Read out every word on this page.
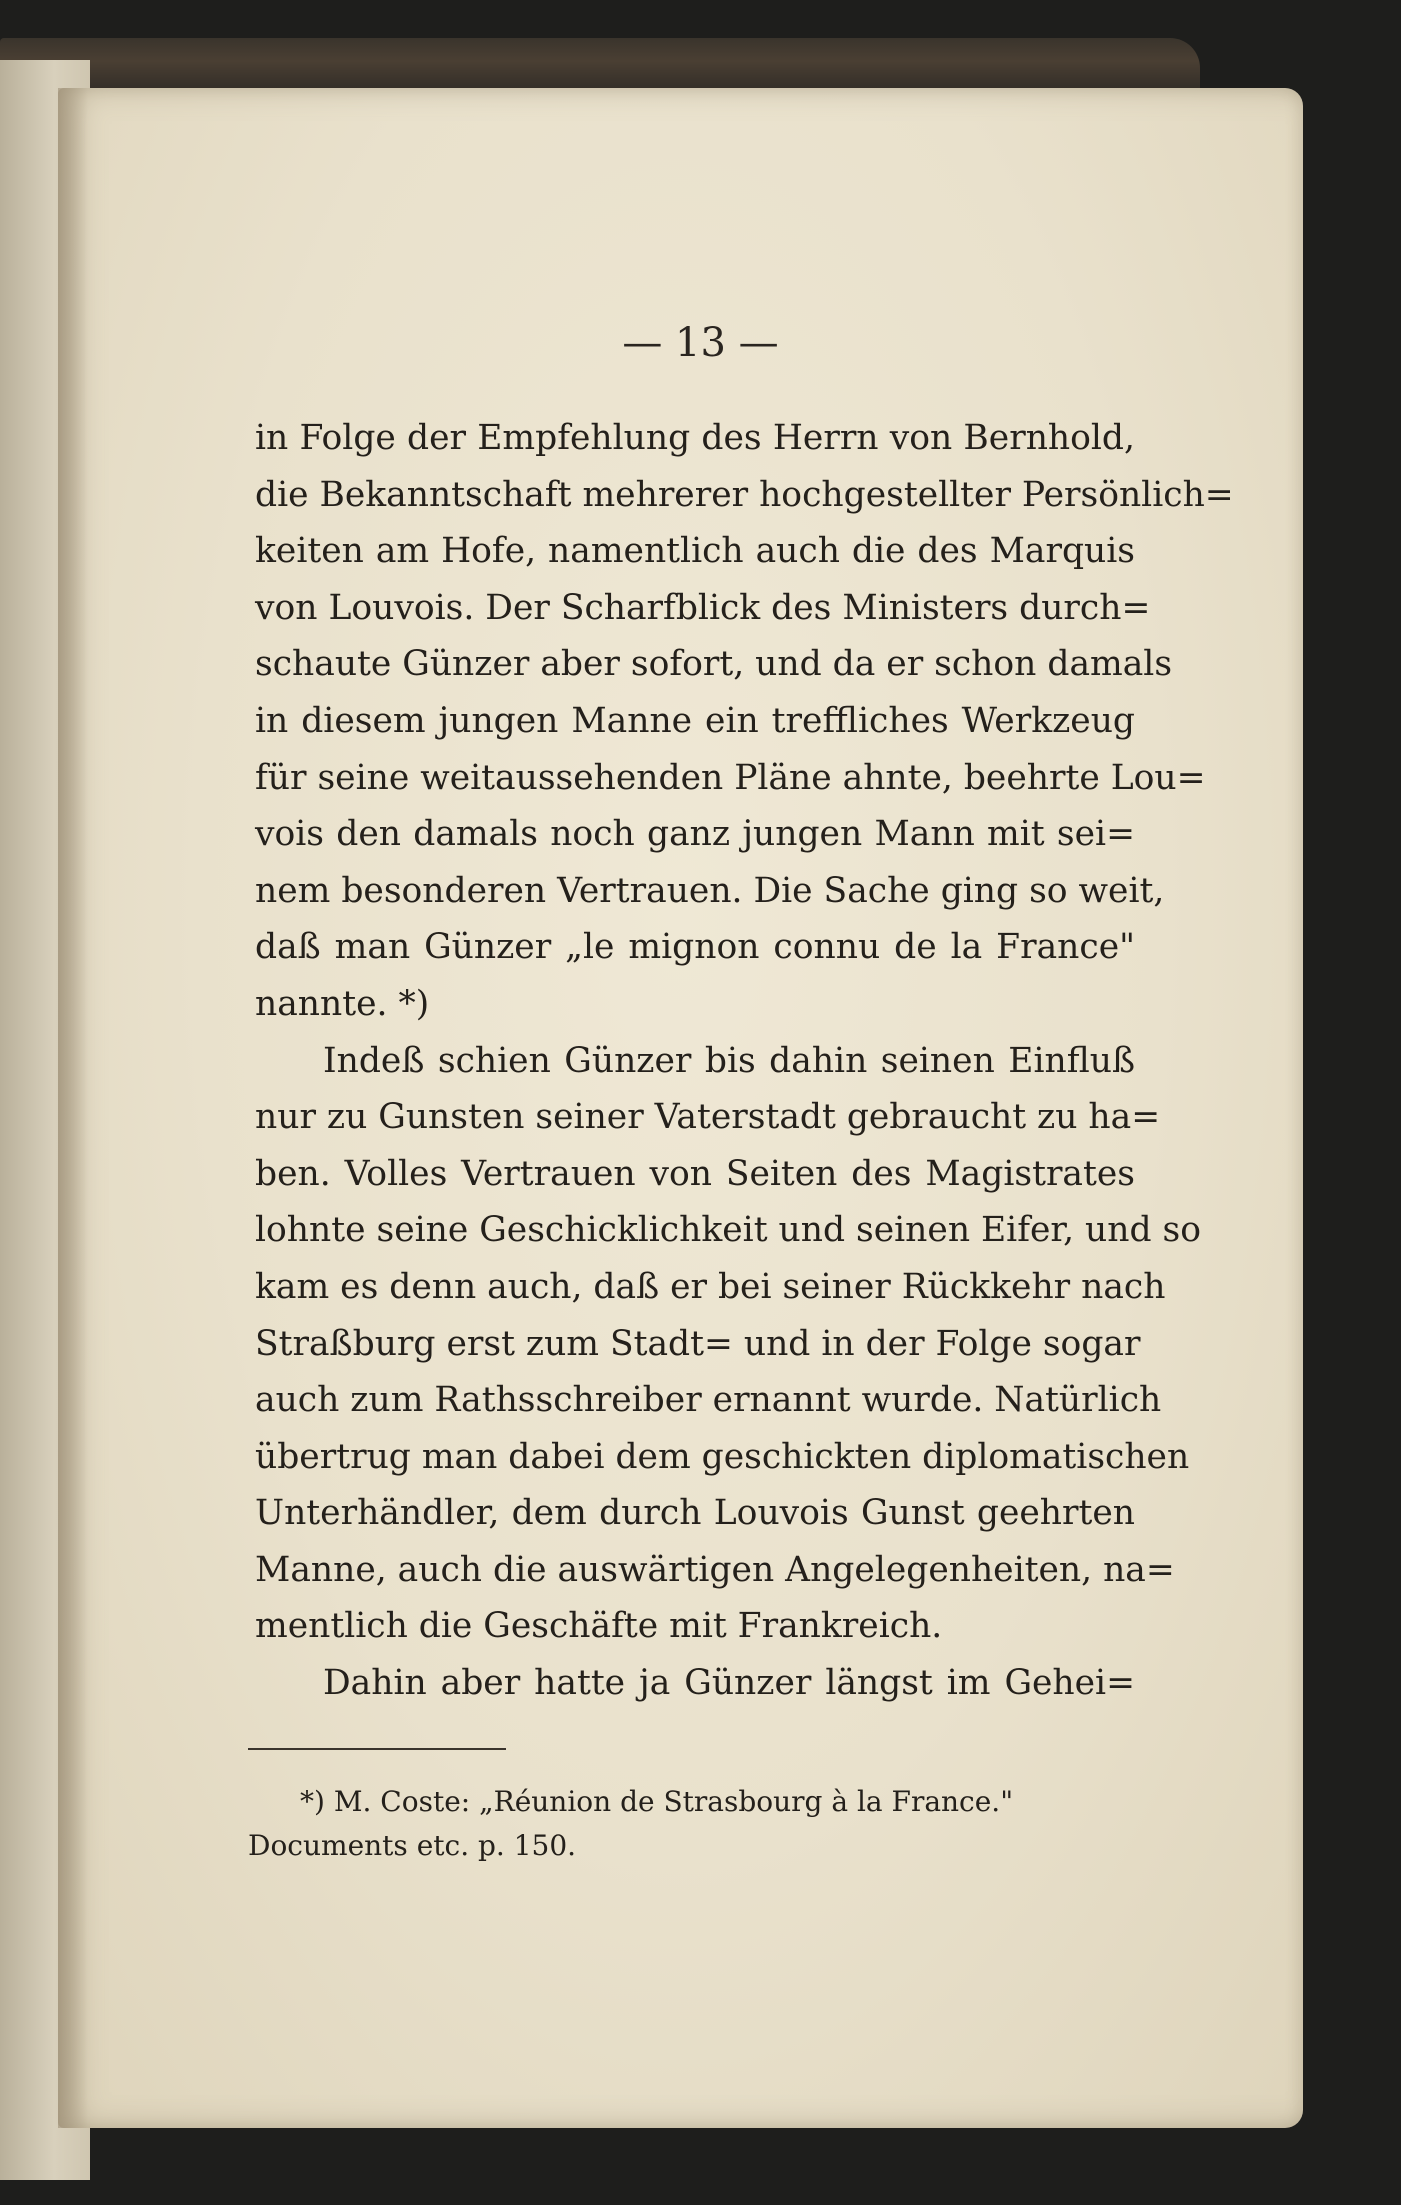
— 13 —
in Folge der Empfehlung des Herrn von Bernhold,
die Bekanntschaft mehrerer hochgestellter Persönlich=
keiten am Hofe, namentlich auch die des Marquis
von Louvois. Der Scharfblick des Ministers durch=
schaute Günzer aber sofort, und da er schon damals
in diesem jungen Manne ein treffliches Werkzeug
für seine weitaussehenden Pläne ahnte, beehrte Lou=
vois den damals noch ganz jungen Mann mit sei=
nem besonderen Vertrauen. Die Sache ging so weit,
daß man Günzer „le mignon connu de la France"
nannte. *)
Indeß schien Günzer bis dahin seinen Einfluß
nur zu Gunsten seiner Vaterstadt gebraucht zu ha=
ben. Volles Vertrauen von Seiten des Magistrates
lohnte seine Geschicklichkeit und seinen Eifer, und so
kam es denn auch, daß er bei seiner Rückkehr nach
Straßburg erst zum Stadt= und in der Folge sogar
auch zum Rathsschreiber ernannt wurde. Natürlich
übertrug man dabei dem geschickten diplomatischen
Unterhändler, dem durch Louvois Gunst geehrten
Manne, auch die auswärtigen Angelegenheiten, na=
mentlich die Geschäfte mit Frankreich.
Dahin aber hatte ja Günzer längst im Gehei=
*) M. Coste: „Réunion de Strasbourg à la France."
Documents etc. p. 150.
